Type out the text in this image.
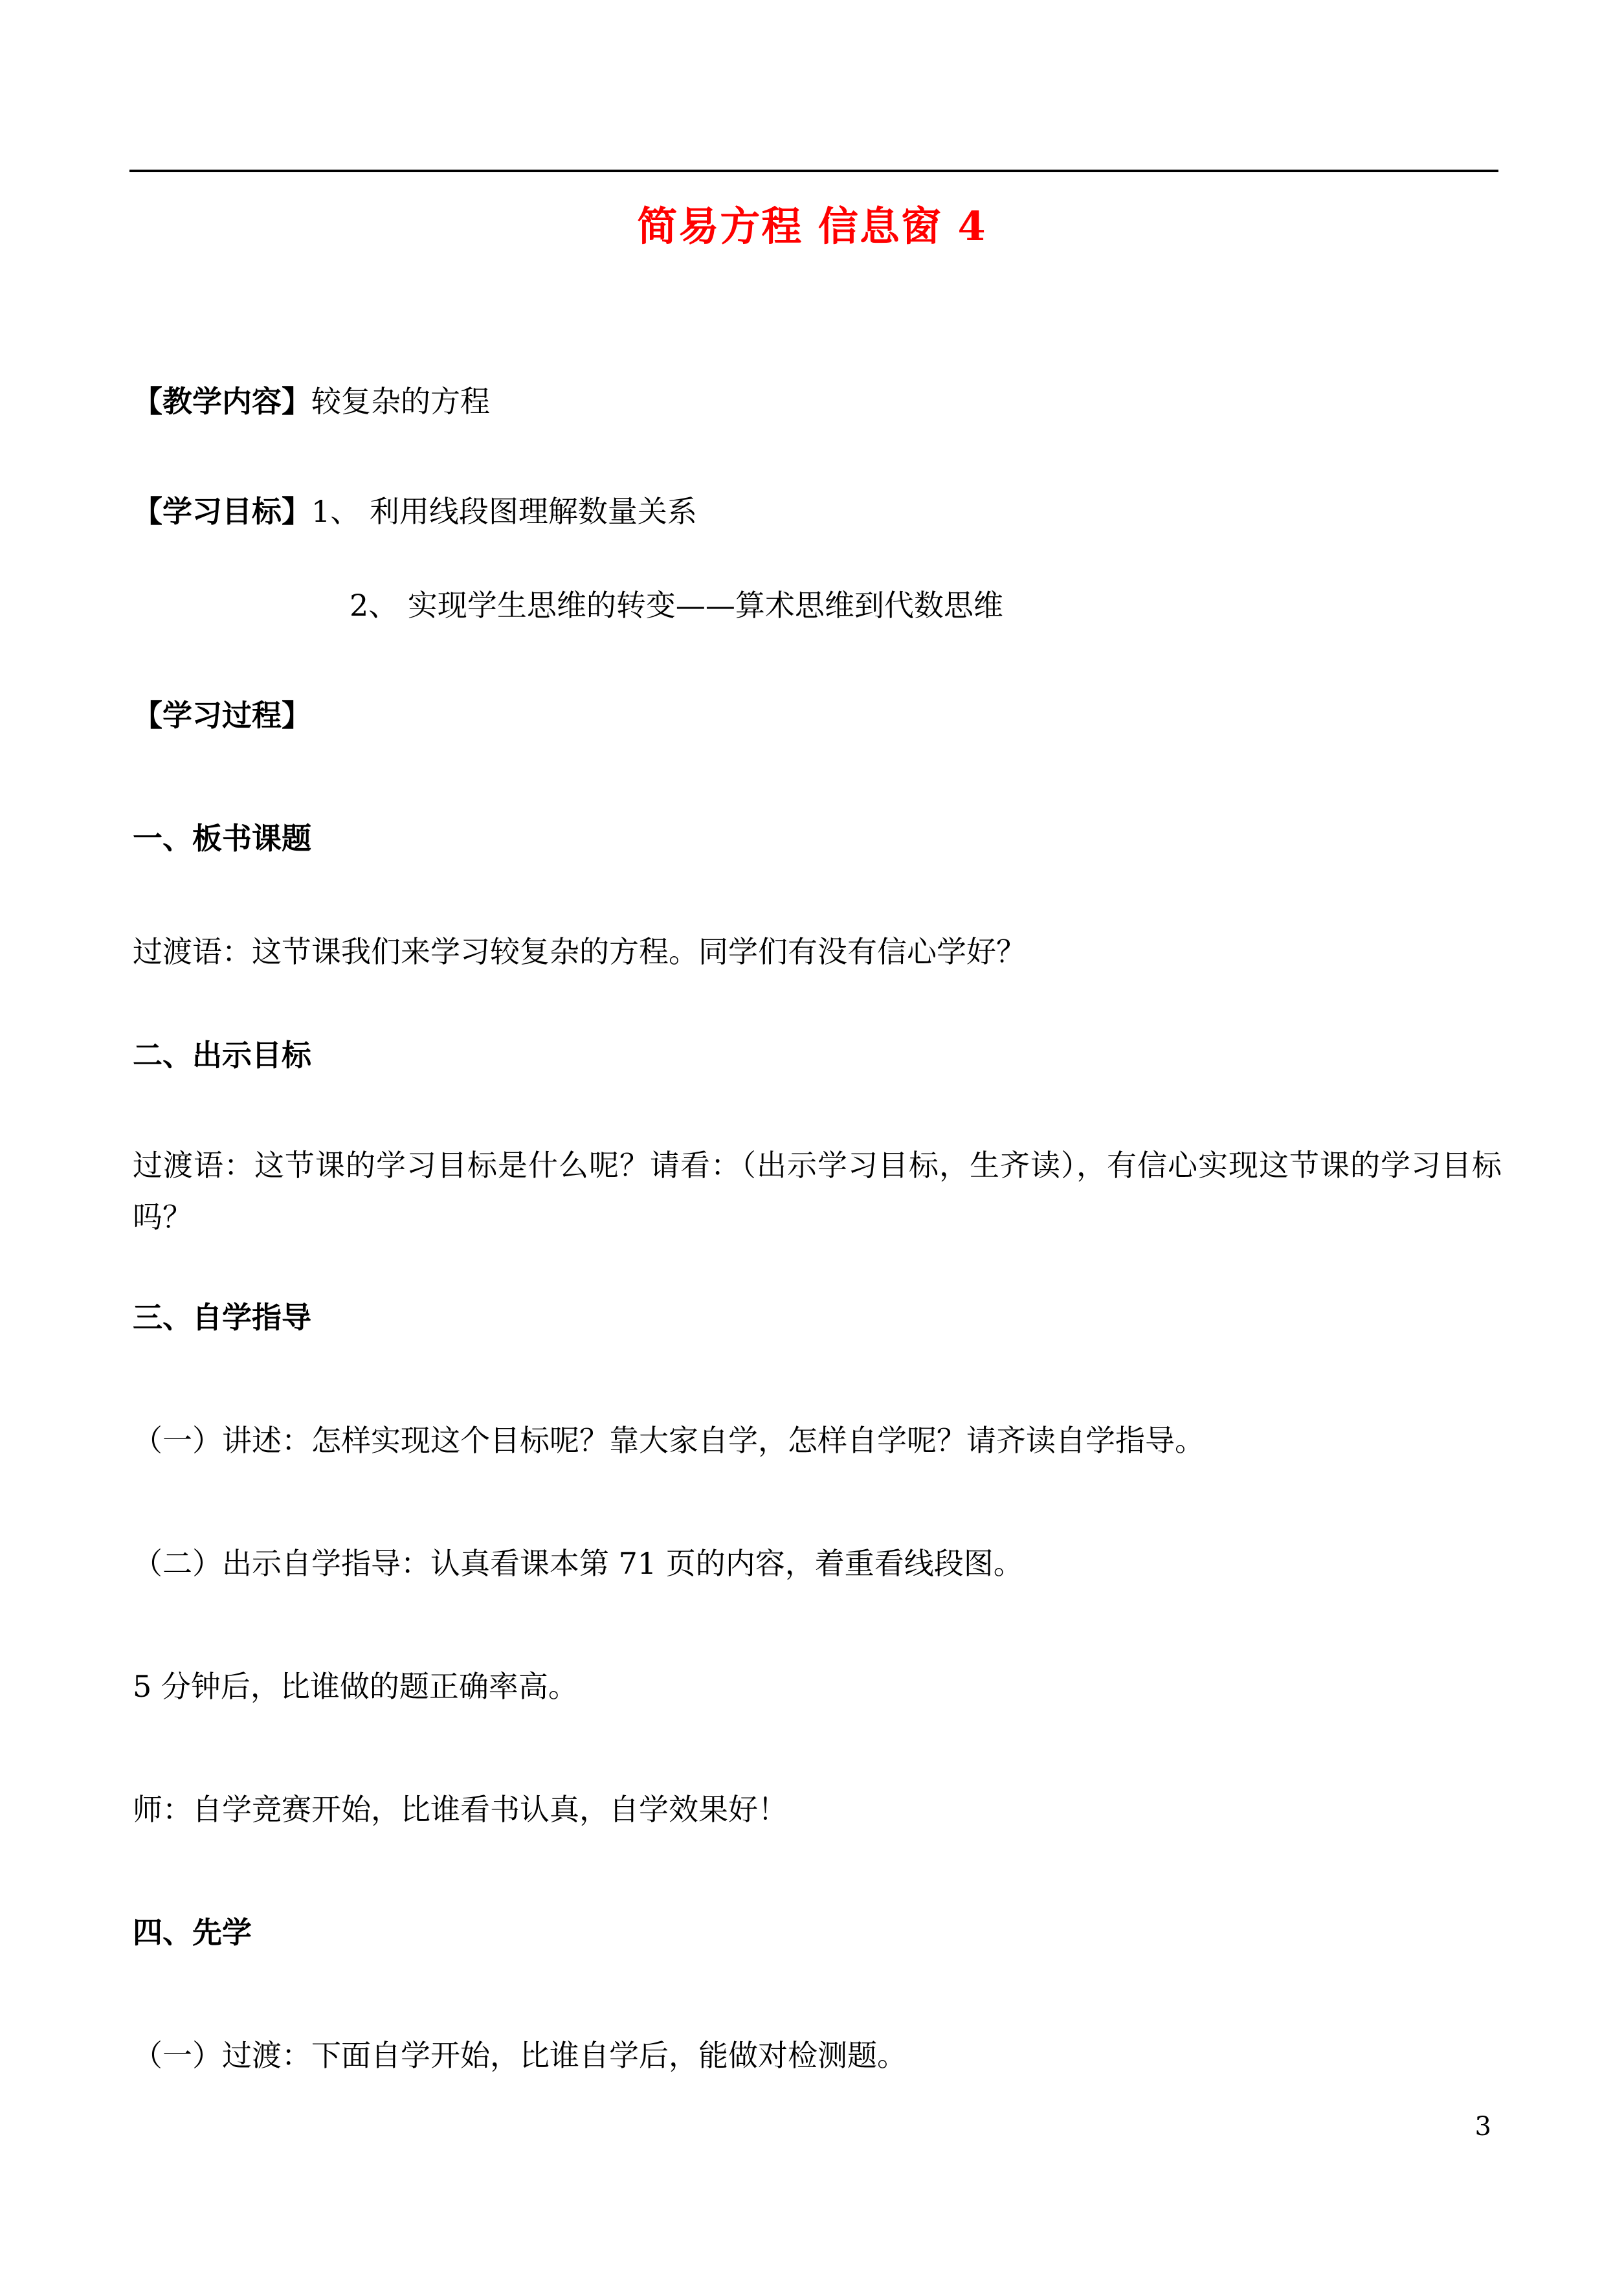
简易方程 信息窗 4
【教学内容】较复杂的方程
【学习目标】1、 利用线段图理解数量关系
2、 实现学生思维的转变——算术思维到代数思维
【学习过程】
一、板书课题
过渡语：这节课我们来学习较复杂的方程。同学们有没有信心学好？
二、出示目标
过渡语：这节课的学习目标是什么呢？请看：（出示学习目标，生齐读），有信心实现这节课的学习目标吗？
三、自学指导
（一）讲述：怎样实现这个目标呢？靠大家自学，怎样自学呢？请齐读自学指导。
（二）出示自学指导：认真看课本第 71 页的内容，着重看线段图。
5 分钟后，比谁做的题正确率高。
师：自学竞赛开始，比谁看书认真，自学效果好！
四、先学
（一）过渡：下面自学开始，比谁自学后，能做对检测题。
3
